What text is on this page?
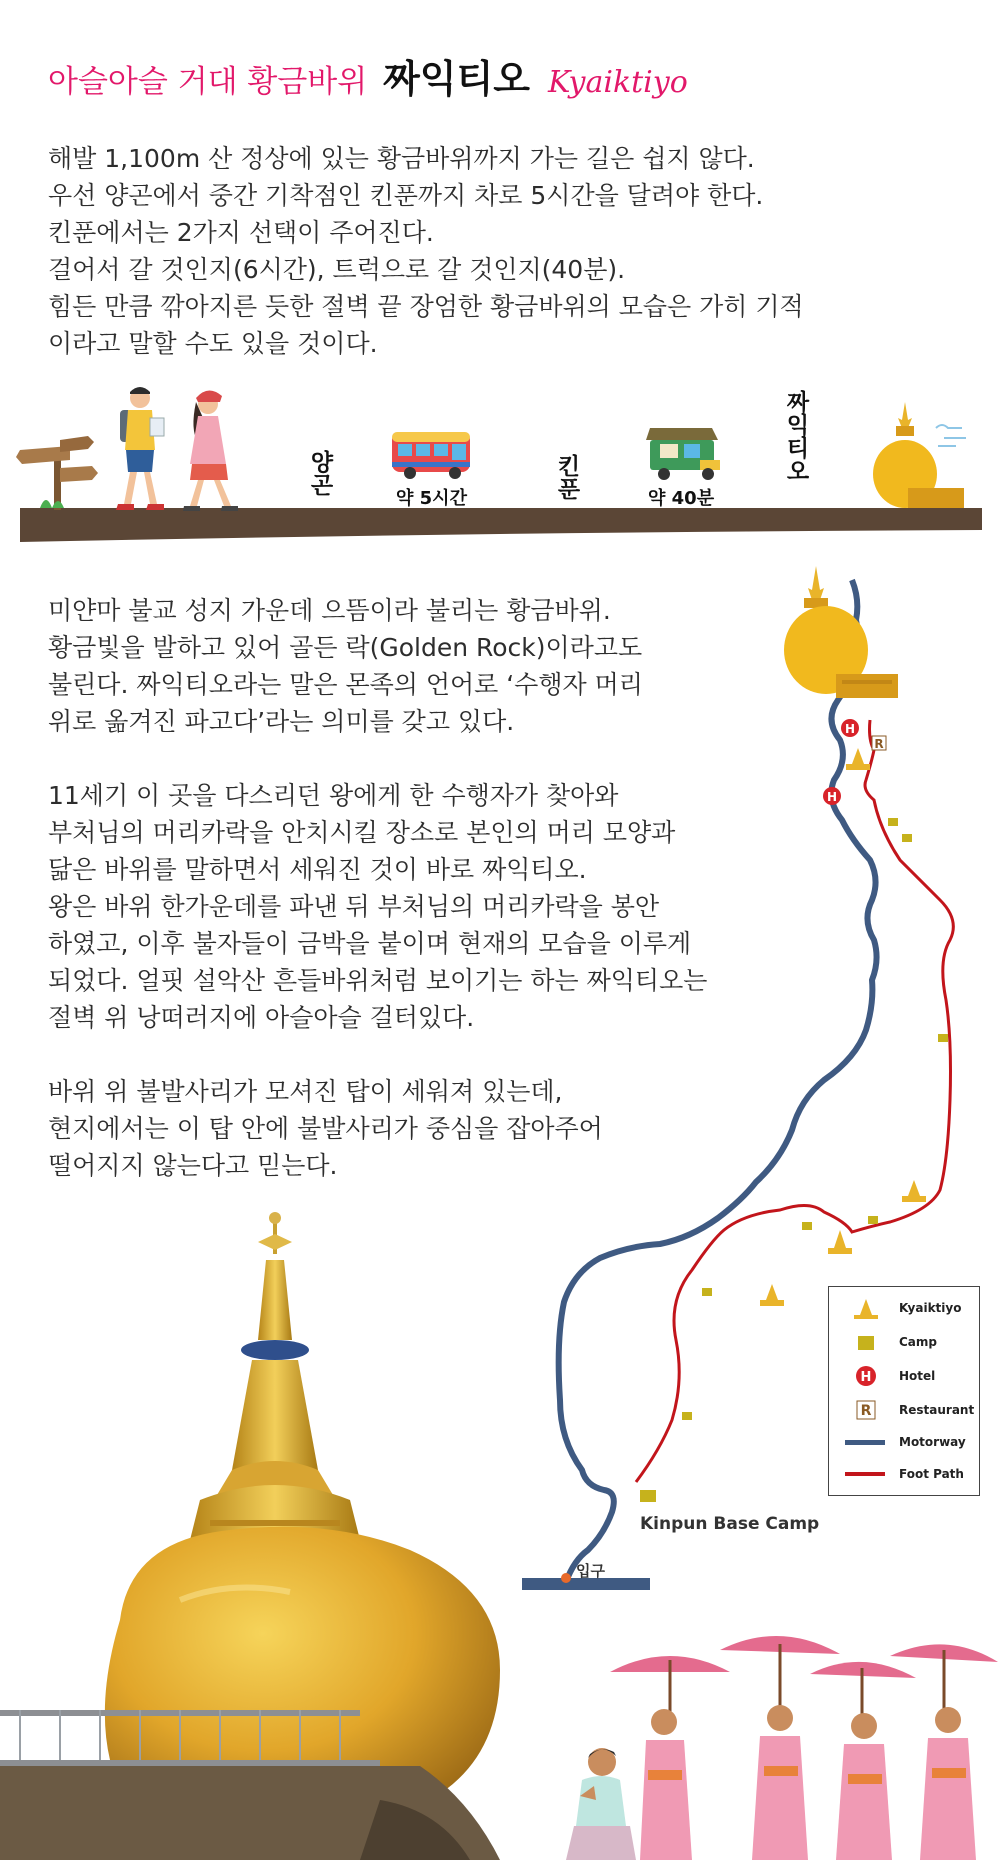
아슬아슬 거대 황금바위 짜익티오 Kyaiktiyo

해발 1,100m 산 정상에 있는 황금바위까지 가는 길은 쉽지 않다.

우선 양곤에서 중간 기착점인 킨푼까지 차로 5시간을 달려야 한다.

킨푼에서는 2가지 선택이 주어진다.

걸어서 갈 것인지(6시간), 트럭으로 갈 것인지(40분).

힘든 만큼 깎아지른 듯한 절벽 끝 장엄한 황금바위의 모습은 가히 기적

이라고 말할 수도 있을 것이다.

양곤
약 5시간	킨푼	약 40분
짜익티오

미얀마 불교 성지 가운데 으뜸이라 불리는 황금바위.

황금빛을 발하고 있어 골든 락(Golden Rock)이라고도

불린다. 짜익티오라는 말은 몬족의 언어로 ‘수행자 머리

위로 옮겨진 파고다’라는 의미를 갖고 있다.

11세기 이 곳을 다스리던 왕에게 한 수행자가 찾아와

부처님의 머리카락을 안치시킬 장소로 본인의 머리 모양과

닮은 바위를 말하면서 세워진 것이 바로 짜익티오.

왕은 바위 한가운데를 파낸 뒤 부처님의 머리카락을 봉안

하였고, 이후 불자들이 금박을 붙이며 현재의 모습을 이루게

되었다. 얼핏 설악산 흔들바위처럼 보이기는 하는 짜익티오는

절벽 위 낭떠러지에 아슬아슬 걸터있다.

바위 위 불발사리가 모셔진 탑이 세워져 있는데,

현지에서는 이 탑 안에 불발사리가 중심을 잡아주어

떨어지지 않는다고 믿는다.

H
H
R
Kinpun Base Camp
입구
Kyaiktiyo
Camp
H Hotel
R Restaurant
Motorway
Foot Path
